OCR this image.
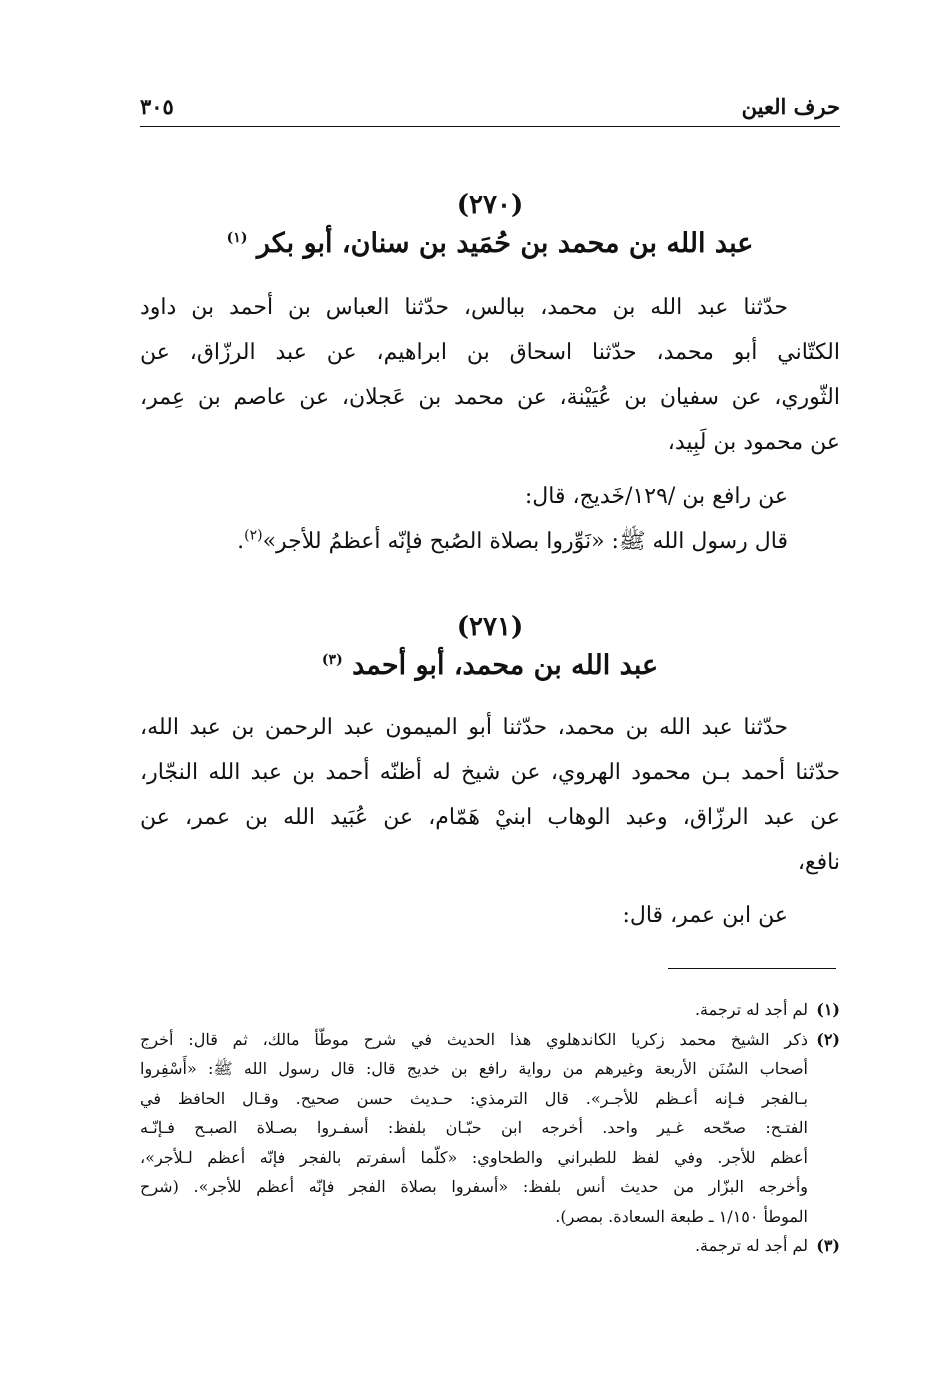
حرف العين
٣٠٥
(٢٧٠)
عبد الله بن محمد بن حُمَيد بن سنان، أبو بكر $^{(١)}$
حدّثنا عبد الله بن محمد، ببالس، حدّثنا العباس بن أحمد بن داود
الكتّاني أبو محمد، حدّثنا اسحاق بن ابراهيم، عن عبد الرزّاق، عن
الثّوري، عن سفيان بن عُيَيْنة، عن محمد بن عَجلان، عن عاصم بن عِمر،
عن محمود بن لَبِيد،
عن رافع بن /١٢٩/خَديج، قال:
قال رسول الله ﷺ: «نَوِّروا بصلاة الصُبح فإنّه أعظمُ للأجر»$^{(٢)}$.
(٢٧١)
عبد الله بن محمد، أبو أحمد $^{(٣)}$
حدّثنا عبد الله بن محمد، حدّثنا أبو الميمون عبد الرحمن بن عبد الله،
حدّثنا أحمد بـن محمود الهروي، عن شيخ له أظنّه أحمد بن عبد الله النجّار،
عن عبد الرزّاق، وعبد الوهاب ابنيْ هَمّام، عن عُبَيد الله بن عمر، عن
نافع،
عن ابن عمر، قال:
(١)
لم أجد له ترجمة.
(٢)
ذكر الشيخ محمد زكريا الكاندهلوي هذا الحديث في شرح موطّأ مالك، ثم قال: أخرج
أصحاب السُنَن الأربعة وغيرهم من رواية رافع بن خديج قال: قال رسول الله ﷺ: «أَسْفِروا
بـالفجر فـإنه أعـظم للأجـر». قال الترمذي: حـديث حسن صحيح. وقـال الحافظ في
الفتـح: صحّحه غـير واحد. أخرجه ابن حبّـان بلفظ: أسفـروا بصـلاة الصبـح فـإنّـه
أعظم للأجر. وفي لفظ للطبراني والطحاوي: «كلّما أسفرتم بالفجر فإنّه أعظم لـلأجر»،
وأخرجه البزّار من حديث أنس بلفظ: «أسفروا بصلاة الفجر فإنّه أعظم للأجر». (شرح
الموطأ ١/١٥٠ ـ طبعة السعادة. بمصر).
(٣)
لم أجد له ترجمة.
